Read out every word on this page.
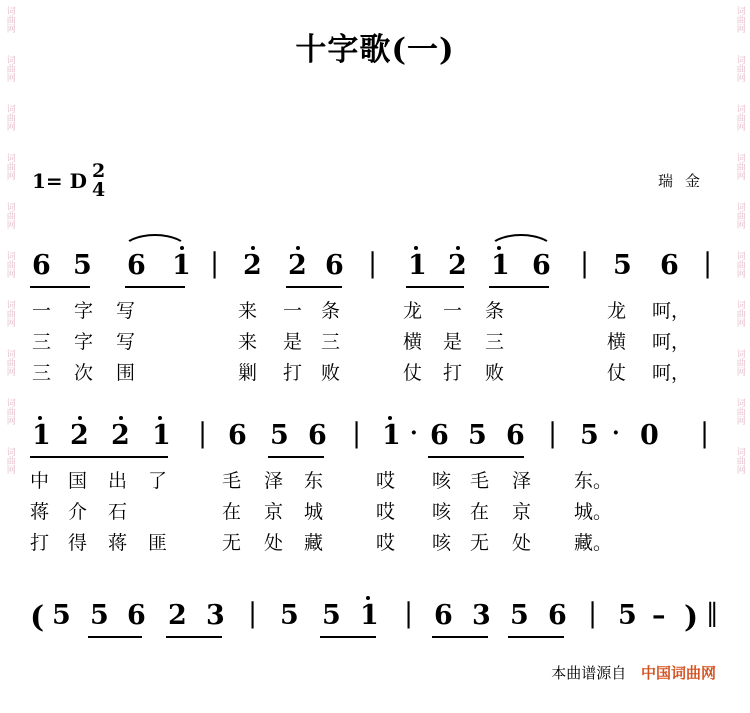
词曲网
词曲网
词曲网
词曲网
词曲网
词曲网
词曲网
词曲网
词曲网
词曲网
词曲网
词曲网
词曲网
词曲网
词曲网
词曲网
词曲网
词曲网
词曲网
词曲网
十字歌(一)
1= D 2
4	瑞金
6 5 6 1 | 2 2 6 | 1 2 1 6 | 5 6 |
一 字 写	来 一 条	龙 一 条	龙 呵，
三 字 写	来 是 三	横 是 三	横 呵，
三 次 围	剿 打 败	仗 打 败	仗 呵，
1 2 2 1 | 6 5 6 | 1 · 6 5 6 | 5 · 0 |
中 国 出 了	毛 泽 东	哎 咳 毛 泽 东。
蒋 介 石	在 京 城	哎 咳 在 京 城。
打 得 蒋 匪	无 处 藏	哎 咳 无 处 藏。
( 5 5 6 2 3 | 5 5 1 | 6 3 5 6 | 5 – ) ‖
本曲谱源自 中国词曲网
